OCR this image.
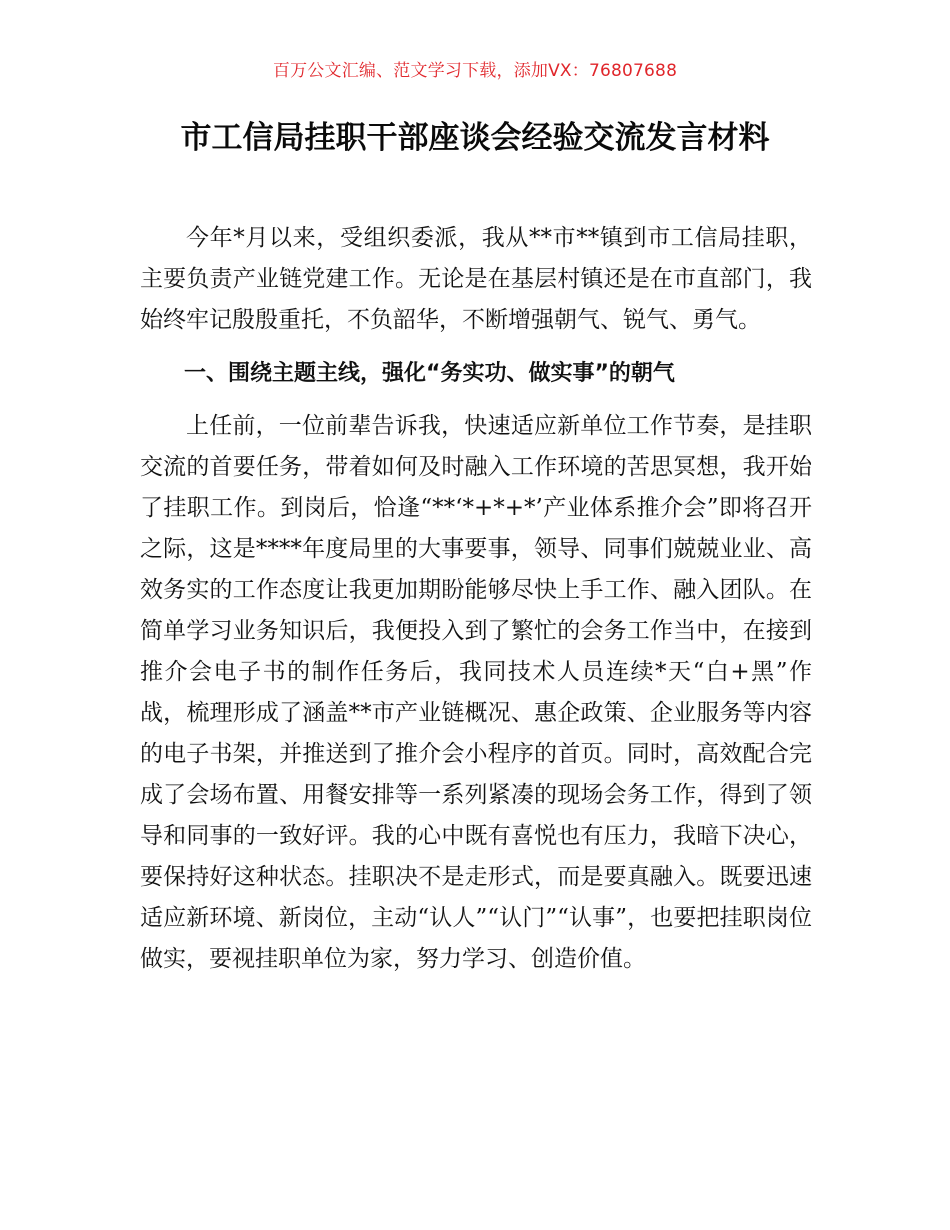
百万公文汇编、范文学习下载，添加VX：76807688
市工信局挂职干部座谈会经验交流发言材料

今年*月以来，受组织委派，我从**市**镇到市工信局挂职，主要负责产业链党建工作。无论是在基层村镇还是在市直部门，我始终牢记殷殷重托，不负韶华，不断增强朝气、锐气、勇气。

一、围绕主题主线，强化“务实功、做实事”的朝气

上任前，一位前辈告诉我，快速适应新单位工作节奏，是挂职交流的首要任务，带着如何及时融入工作环境的苦思冥想，我开始了挂职工作。到岗后，恰逢“**‘*+*+*’产业体系推介会”即将召开之际，这是****年度局里的大事要事，领导、同事们兢兢业业、高效务实的工作态度让我更加期盼能够尽快上手工作、融入团队。在简单学习业务知识后，我便投入到了繁忙的会务工作当中，在接到推介会电子书的制作任务后，我同技术人员连续*天“白+黑”作战，梳理形成了涵盖**市产业链概况、惠企政策、企业服务等内容的电子书架，并推送到了推介会小程序的首页。同时，高效配合完成了会场布置、用餐安排等一系列紧凑的现场会务工作，得到了领导和同事的一致好评。我的心中既有喜悦也有压力，我暗下决心，要保持好这种状态。挂职决不是走形式，而是要真融入。既要迅速适应新环境、新岗位，主动“认人”“认门”“认事”，也要把挂职岗位做实，要视挂职单位为家，努力学习、创造价值。
